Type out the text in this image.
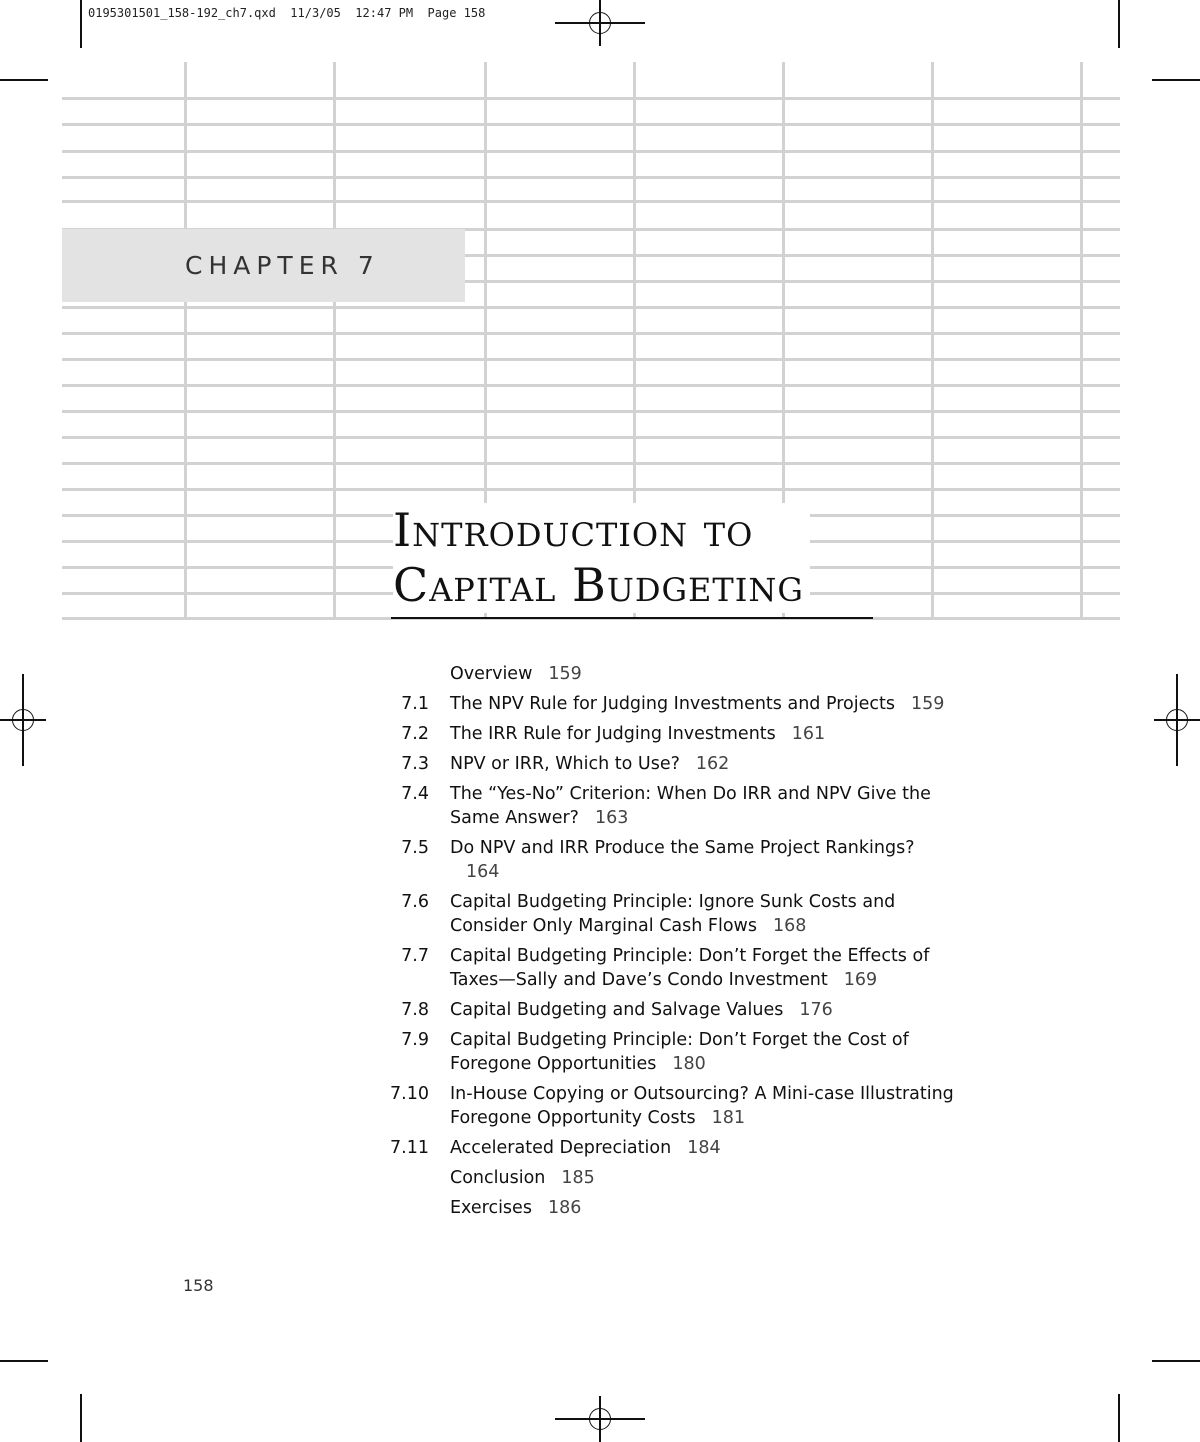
0195301501_158-192_ch7.qxd  11/3/05  12:47 PM  Page 158
CHAPTER 7
Introduction to
Capital Budgeting
Overview 159
7.1 The NPV Rule for Judging Investments and Projects 159
7.2 The IRR Rule for Judging Investments 161
7.3 NPV or IRR, Which to Use? 162
7.4 The “Yes-No” Criterion: When Do IRR and NPV Give the Same Answer? 163
7.5 Do NPV and IRR Produce the Same Project Rankings?164
7.6 Capital Budgeting Principle: Ignore Sunk Costs and Consider Only Marginal Cash Flows 168
7.7 Capital Budgeting Principle: Don’t Forget the Effects of Taxes—Sally and Dave’s Condo Investment 169
7.8 Capital Budgeting and Salvage Values 176
7.9 Capital Budgeting Principle: Don’t Forget the Cost of Foregone Opportunities 180
7.10 In-House Copying or Outsourcing? A Mini-case Illustrating Foregone Opportunity Costs 181
7.11 Accelerated Depreciation 184
Conclusion 185
Exercises 186
158
